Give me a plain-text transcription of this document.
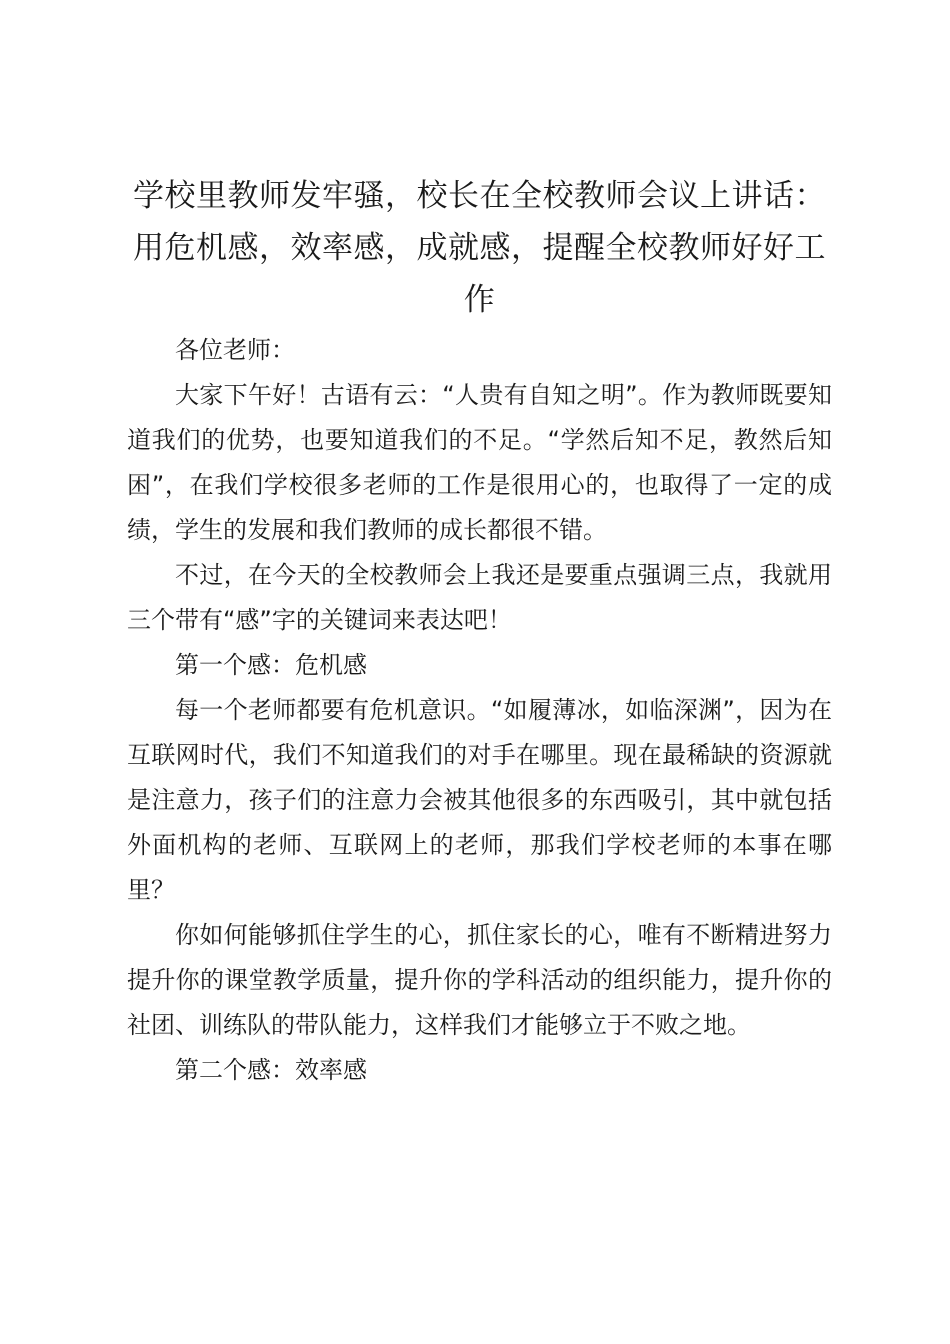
学校里教师发牢骚，校长在全校教师会议上讲话：用危机感，效率感，成就感，提醒全校教师好好工作

各位老师：

大家下午好！古语有云：“人贵有自知之明”。作为教师既要知道我们的优势，也要知道我们的不足。“学然后知不足，教然后知困”，在我们学校很多老师的工作是很用心的，也取得了一定的成绩，学生的发展和我们教师的成长都很不错。

不过，在今天的全校教师会上我还是要重点强调三点，我就用三个带有“感”字的关键词来表达吧！

第一个感：危机感

每一个老师都要有危机意识。“如履薄冰，如临深渊”，因为在互联网时代，我们不知道我们的对手在哪里。现在最稀缺的资源就是注意力，孩子们的注意力会被其他很多的东西吸引，其中就包括外面机构的老师、互联网上的老师，那我们学校老师的本事在哪里？

你如何能够抓住学生的心，抓住家长的心，唯有不断精进努力提升你的课堂教学质量，提升你的学科活动的组织能力，提升你的社团、训练队的带队能力，这样我们才能够立于不败之地。

第二个感：效率感
